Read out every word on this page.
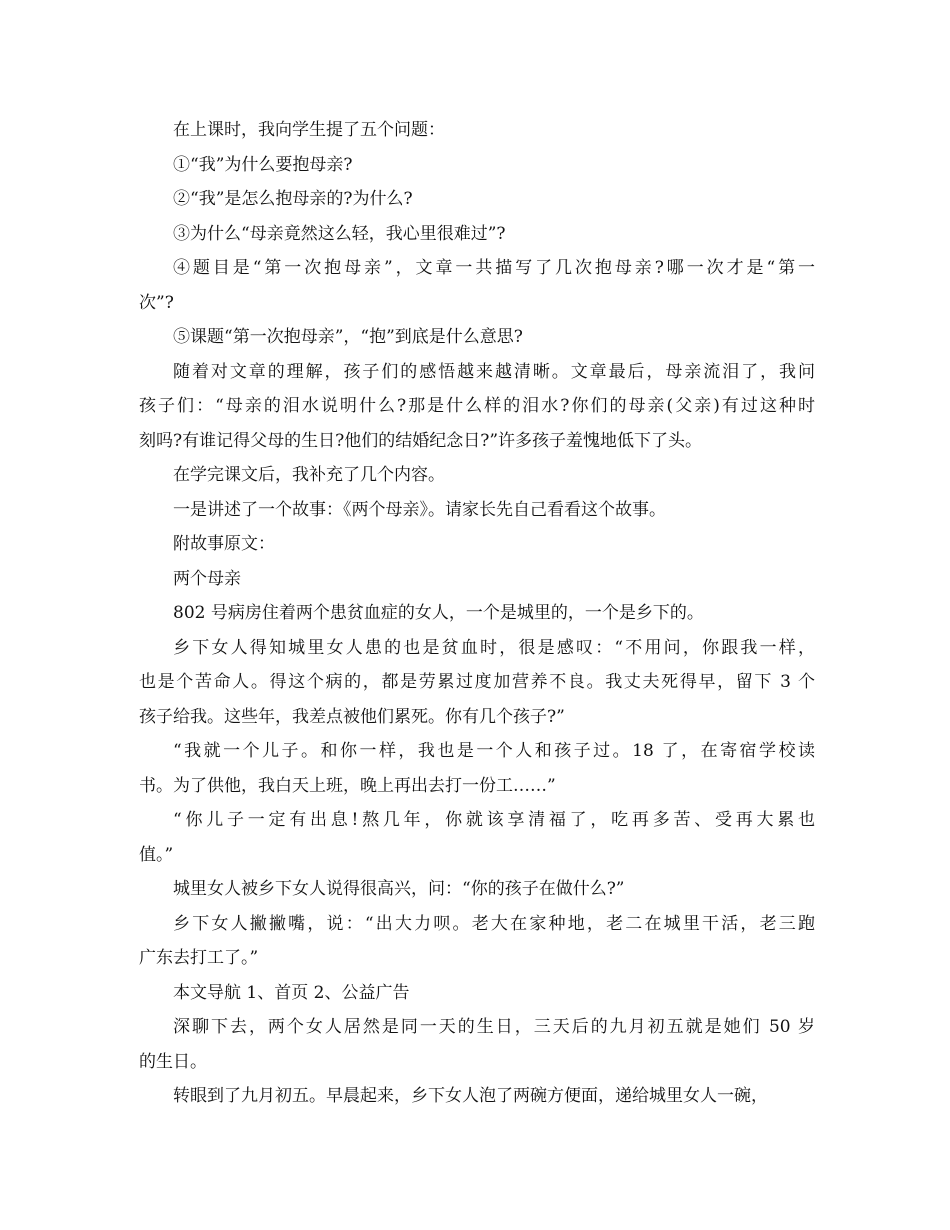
在上课时，我向学生提了五个问题：
①“我”为什么要抱母亲?
②“我”是怎么抱母亲的?为什么?
③为什么“母亲竟然这么轻，我心里很难过”?
④题目是“第一次抱母亲”，文章一共描写了几次抱母亲?哪一次才是“第一
次”?
⑤课题“第一次抱母亲”，“抱”到底是什么意思?
随着对文章的理解，孩子们的感悟越来越清晰。文章最后，母亲流泪了，我问
孩子们：“母亲的泪水说明什么?那是什么样的泪水?你们的母亲(父亲)有过这种时
刻吗?有谁记得父母的生日?他们的结婚纪念日?”许多孩子羞愧地低下了头。
在学完课文后，我补充了几个内容。
一是讲述了一个故事：《两个母亲》。请家长先自己看看这个故事。
附故事原文：
两个母亲
802 号病房住着两个患贫血症的女人，一个是城里的，一个是乡下的。
乡下女人得知城里女人患的也是贫血时，很是感叹：“不用问，你跟我一样，
也是个苦命人。得这个病的，都是劳累过度加营养不良。我丈夫死得早，留下 3 个
孩子给我。这些年，我差点被他们累死。你有几个孩子?”
“我就一个儿子。和你一样，我也是一个人和孩子过。18 了，在寄宿学校读
书。为了供他，我白天上班，晚上再出去打一份工……”
“你儿子一定有出息!熬几年，你就该享清福了，吃再多苦、受再大累也
值。”
城里女人被乡下女人说得很高兴，问：“你的孩子在做什么?”
乡下女人撇撇嘴，说：“出大力呗。老大在家种地，老二在城里干活，老三跑
广东去打工了。”
本文导航 1、首页 2、公益广告
深聊下去，两个女人居然是同一天的生日，三天后的九月初五就是她们 50 岁
的生日。
转眼到了九月初五。早晨起来，乡下女人泡了两碗方便面，递给城里女人一碗，
